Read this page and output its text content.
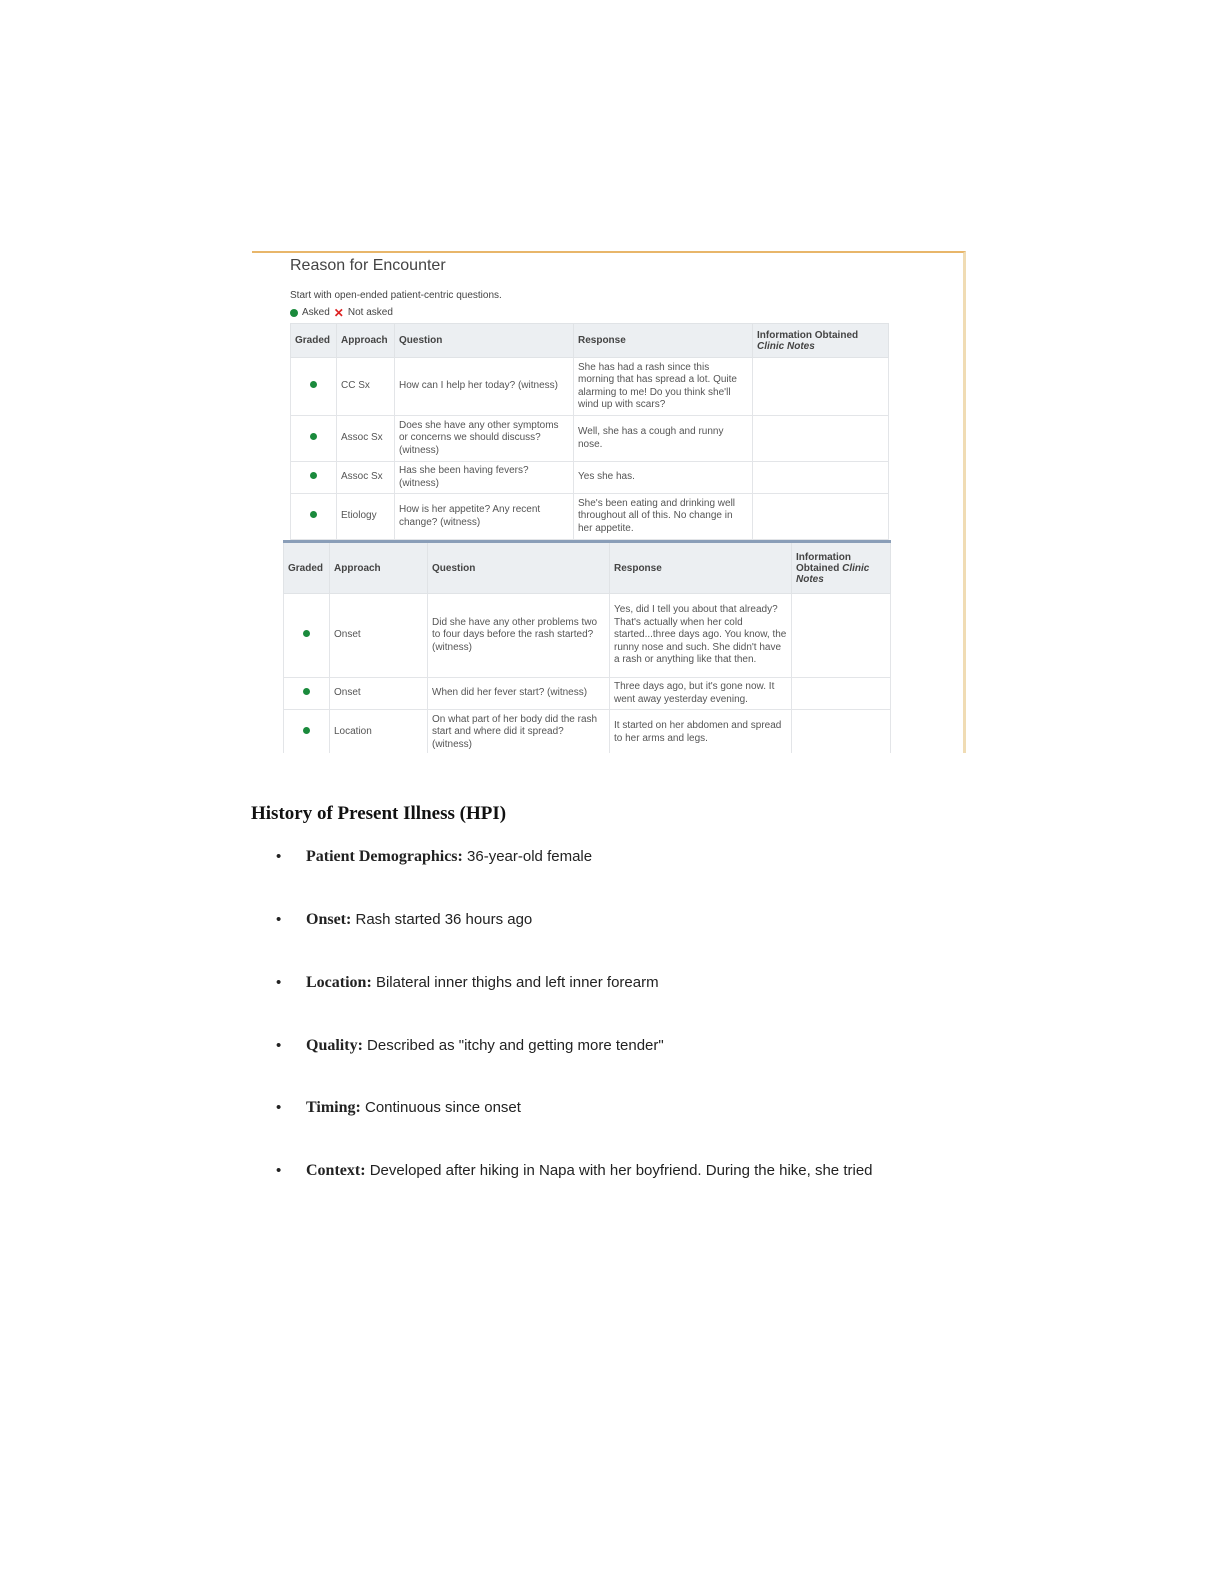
Reason for Encounter
Start with open-ended patient-centric questions.
Asked ✕ Not asked
Graded	Approach	Question	Response	Information Obtained
Clinic Notes
	CC Sx	How can I help her today? (witness)	She has had a rash since this morning that has spread a lot. Quite alarming to me! Do you think she'll wind up with scars?	
	Assoc Sx	Does she have any other symptoms or concerns we should discuss? (witness)	Well, she has a cough and runny nose.	
	Assoc Sx	Has she been having fevers? (witness)	Yes she has.	
	Etiology	How is her appetite? Any recent change? (witness)	She's been eating and drinking well throughout all of this. No change in her appetite.	
Graded	Approach	Question	Response	Information Obtained Clinic
Notes
	Onset	Did she have any other problems two to four days before the rash started? (witness)	Yes, did I tell you about that already? That's actually when her cold started...three days ago. You know, the runny nose and such. She didn't have a rash or anything like that then.	
	Onset	When did her fever start? (witness)	Three days ago, but it's gone now. It went away yesterday evening.	
	Location	On what part of her body did the rash start and where did it spread? (witness)	It started on her abdomen and spread to her arms and legs.	
History of Present Illness (HPI)
• Patient Demographics: 36-year-old female
• Onset: Rash started 36 hours ago
• Location: Bilateral inner thighs and left inner forearm
• Quality: Described as "itchy and getting more tender"
• Timing: Continuous since onset
• Context: Developed after hiking in Napa with her boyfriend. During the hike, she tried
